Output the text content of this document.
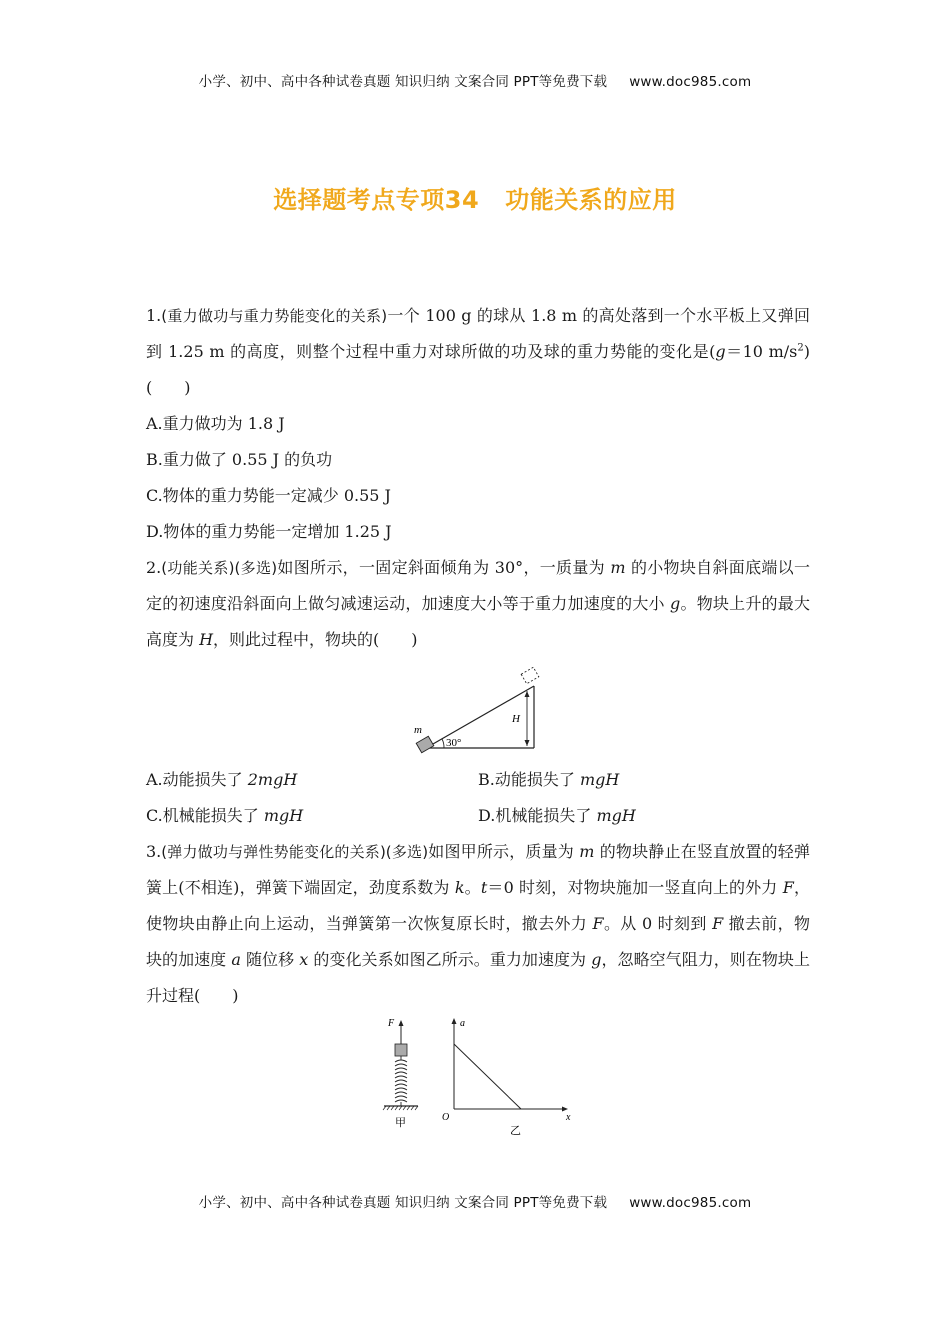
小学、初中、高中各种试卷真题 知识归纳 文案合同 PPT等免费下载 www.doc985.com
选择题考点专项34 功能关系的应用

1.(重力做功与重力势能变化的关系)一个 100 g 的球从 1.8 m 的高处落到一个水平板上又弹回到 1.25 m 的高度，则整个过程中重力对球所做的功及球的重力势能的变化是(g＝10 $m/s^2$)(　　)

A.重力做功为 1.8 J
B.重力做了 0.55 J 的负功
C.物体的重力势能一定减少 0.55 J
D.物体的重力势能一定增加 1.25 J

2.(功能关系)(多选)如图所示，一固定斜面倾角为 30°，一质量为 m 的小物块自斜面底端以一定的初速度沿斜面向上做匀减速运动，加速度大小等于重力加速度的大小 g。物块上升的最大高度为 H，则此过程中，物块的(　　)

m
H
30°
A.动能损失了 2mgH	B.动能损失了 mgH
C.机械能损失了 mgH	D.机械能损失了 mgH

3.(弹力做功与弹性势能变化的关系)(多选)如图甲所示，质量为 m 的物块静止在竖直放置的轻弹簧上(不相连)，弹簧下端固定，劲度系数为 k。t＝0 时刻，对物块施加一竖直向上的外力 F，使物块由静止向上运动，当弹簧第一次恢复原长时，撤去外力 F。从 0 时刻到 F 撤去前，物块的加速度 a 随位移 x 的变化关系如图乙所示。重力加速度为 g，忽略空气阻力，则在物块上升过程(　　)

F
甲
a
x
O
乙
小学、初中、高中各种试卷真题 知识归纳 文案合同 PPT等免费下载 www.doc985.com
